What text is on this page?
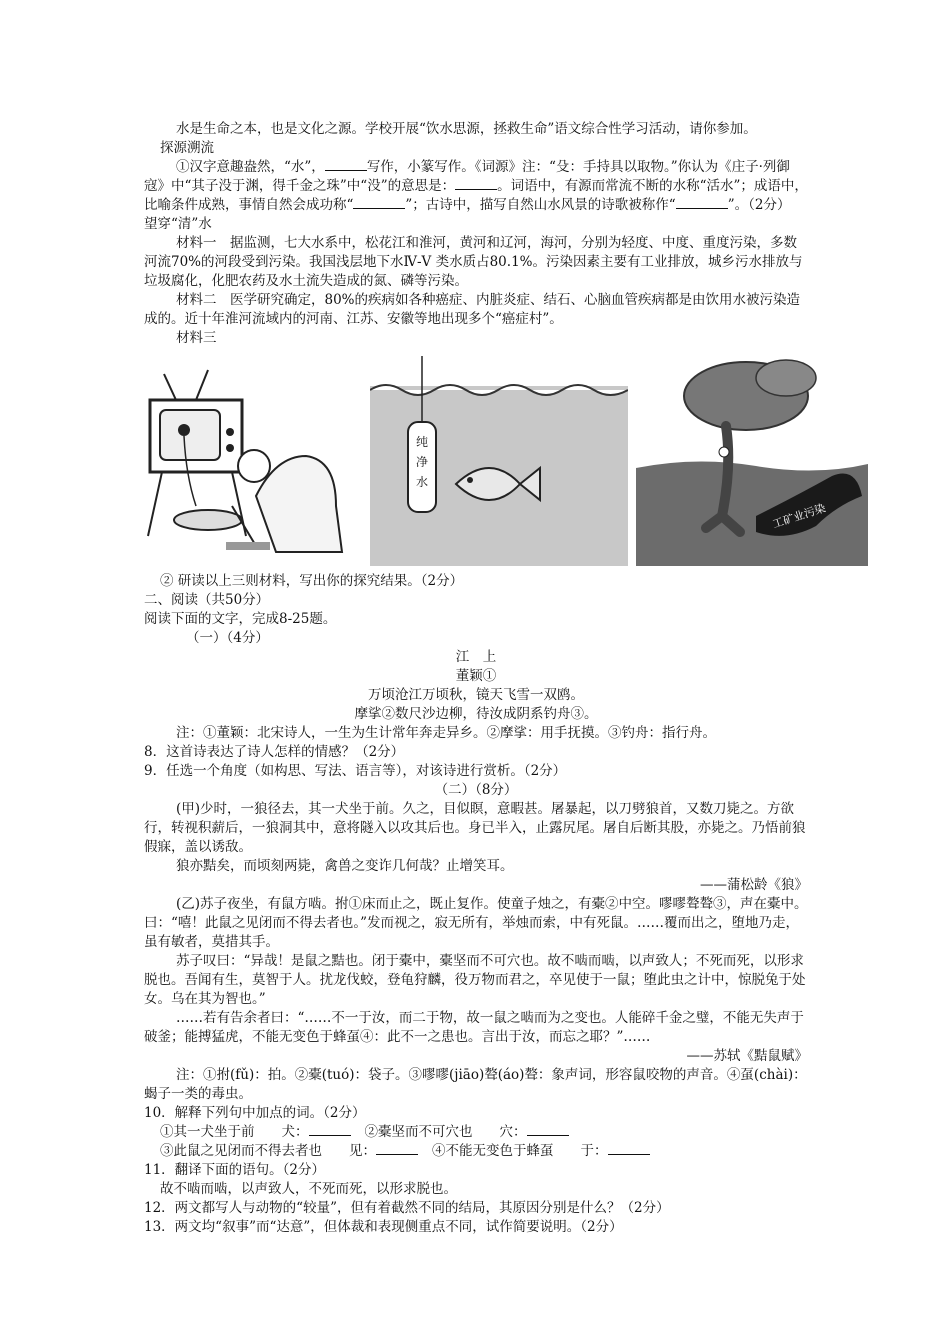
水是生命之本，也是文化之源。学校开展“饮水思源，拯救生命”语文综合性学习活动，请你参加。

探源溯流

①汉字意趣盎然，“水”，	写作，小篆写作。《词源》注：“殳：手持具以取物。”你认为《庄子·列御寇》中“其子没于渊，得千金之珠”中“没”的意思是：	。词语中，有源而常流不断的水称“活水”；成语中，比喻条件成熟，事情自然会成功称“	”；古诗中，描写自然山水风景的诗歌被称作“	”。（2分）

望穿“清”水

材料一　据监测，七大水系中，松花江和淮河，黄河和辽河，海河，分别为轻度、中度、重度污染，多数河流70%的河段受到污染。我国浅层地下水Ⅳ-Ⅴ 类水质占80.1%。污染因素主要有工业排放，城乡污水排放与垃圾腐化，化肥农药及水土流失造成的氮、磷等污染。

材料二　医学研究确定，80%的疾病如各种癌症、内脏炎症、结石、心脑血管疾病都是由饮用水被污染造成的。近十年淮河流域内的河南、江苏、安徽等地出现多个“癌症村”。

材料三

纯
净
水
工矿业污染

② 研读以上三则材料，写出你的探究结果。（2分）

二、阅读（共50分）

阅读下面的文字，完成8-25题。

（一）（4分）

江　上

董颖①

万顷沧江万顷秋，镜天飞雪一双鸥。

摩挲②数尺沙边柳，待汝成阴系钓舟③。

注：①董颖：北宋诗人，一生为生计常年奔走异乡。②摩挲：用手抚摸。③钓舟：指行舟。

8．这首诗表达了诗人怎样的情感？（2分）

9．任选一个角度（如构思、写法、语言等），对该诗进行赏析。（2分）

（二）（8分）

(甲)少时，一狼径去，其一犬坐于前。久之，目似瞑，意暇甚。屠暴起，以刀劈狼首，又数刀毙之。方欲行，转视积薪后，一狼洞其中，意将隧入以攻其后也。身已半入，止露尻尾。屠自后断其股，亦毙之。乃悟前狼假寐，盖以诱敌。

狼亦黠矣，而顷刻两毙，禽兽之变诈几何哉？止增笑耳。

——蒲松龄《狼》

(乙)苏子夜坐，有鼠方啮。拊①床而止之，既止复作。使童子烛之，有橐②中空。嘐嘐聱聱③，声在橐中。曰：“嘻！此鼠之见闭而不得去者也。”发而视之，寂无所有，举烛而索，中有死鼠。……覆而出之，堕地乃走，虽有敏者，莫措其手。

苏子叹曰：“异哉！是鼠之黠也。闭于橐中，橐坚而不可穴也。故不啮而啮，以声致人；不死而死，以形求脱也。吾闻有生，莫智于人。扰龙伐蛟，登龟狩麟，役万物而君之，卒见使于一鼠；堕此虫之计中，惊脱兔于处女。乌在其为智也。”

……若有告余者曰：“……不一于汝，而二于物，故一鼠之啮而为之变也。人能碎千金之璧，不能无失声于破釜；能搏猛虎，不能无变色于蜂虿④：此不一之患也。言出于汝，而忘之耶？”……

——苏轼《黠鼠赋》

注：①拊(fǔ)：拍。②橐(tuó)：袋子。③嘐嘐(jiāo)聱(áo)聱：象声词，形容鼠咬物的声音。④虿(chài)：蝎子一类的毒虫。

10．解释下列句中加点的词。（2分）

①其一犬坐于前　　犬：	②橐坚而不可穴也　　穴：
③此鼠之见闭而不得去者也　　见：	④不能无变色于蜂虿　　于：

11．翻译下面的语句。（2分）

故不啮而啮，以声致人，不死而死，以形求脱也。

12．两文都写人与动物的“较量”，但有着截然不同的结局，其原因分别是什么？（2分）

13．两文均“叙事”而“达意”，但体裁和表现侧重点不同，试作简要说明。（2分）
